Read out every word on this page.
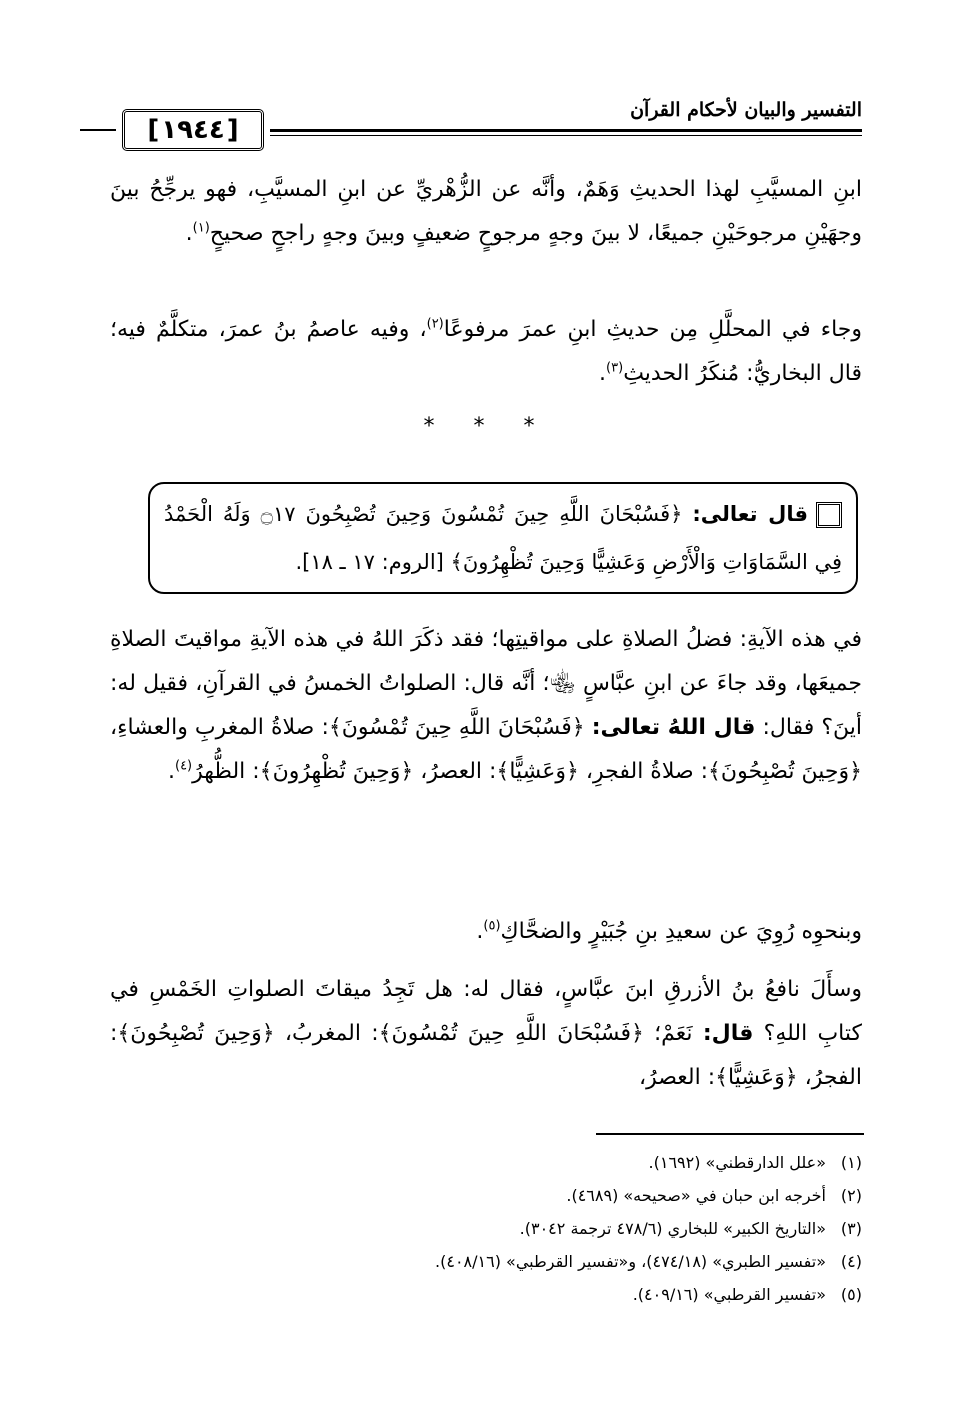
التفسير والبيان لأحكام القرآن
[ ١٩٤٤ ]
ابنِ المسيَّبِ لهذا الحديثِ وَهَمٌ، وأنَّه عن الزُّهْريِّ عن ابنِ المسيَّبِ، فهو يرجِّحُ بينَ وجهَيْنِ مرجوحَيْنِ جميعًا، لا بينَ وجهٍ مرجوحٍ ضعيفٍ وبينَ وجهٍ راجحٍ صحيحٍ$^{(١)}$.
وجاء في المحلَّلِ مِن حديثِ ابنِ عمرَ مرفوعًا$^{(٢)}$، وفيه عاصمُ بنُ عمرَ، متكلَّمٌ فيه؛ قال البخاريُّ: مُنكَرُ الحديثِ$^{(٣)}$.
* * *
قال تعالى: ﴿فَسُبْحَانَ اللَّهِ حِينَ تُمْسُونَ وَحِينَ تُصْبِحُونَ ۝١٧ وَلَهُ الْحَمْدُ فِي السَّمَاوَاتِ وَالْأَرْضِ وَعَشِيًّا وَحِينَ تُظْهِرُونَ﴾ [الروم: ١٧ ـ ١٨].
في هذه الآيةِ: فضلُ الصلاةِ على مواقيتِها؛ فقد ذكَرَ اللهُ في هذه الآيةِ مواقيتَ الصلاةِ جميعَها، وقد جاءَ عن ابنِ عبَّاسٍ ﵄؛ أنَّه قال: الصلواتُ الخمسُ في القرآنِ، فقيل له: أينَ؟ فقال: قال اللهُ تعالى: ﴿فَسُبْحَانَ اللَّهِ حِينَ تُمْسُونَ﴾: صلاةُ المغربِ والعشاءِ، ﴿وَحِينَ تُصْبِحُونَ﴾: صلاةُ الفجرِ، ﴿وَعَشِيًّا﴾: العصرُ، ﴿وَحِينَ تُظْهِرُونَ﴾: الظُّهرُ$^{(٤)}$.
وبنحوِه رُوِيَ عن سعيدِ بنِ جُبَيْرٍ والضحَّاكِ$^{(٥)}$.
وسأَلَ نافعُ بنُ الأزرقِ ابنَ عبَّاسٍ، فقال له: هل تَجِدُ ميقاتَ الصلواتِ الخَمْسِ في كتابِ اللهِ؟ قال: نَعَمْ؛ ﴿فَسُبْحَانَ اللَّهِ حِينَ تُمْسُونَ﴾: المغربُ، ﴿وَحِينَ تُصْبِحُونَ﴾: الفجرُ، ﴿وَعَشِيًّا﴾: العصرُ،
(١)«علل الدارقطني» (١٦٩٢).
(٢)أخرجه ابن حبان في «صحيحه» (٤٦٨٩).
(٣)«التاريخ الكبير» للبخاري (٤٧٨/٦ ترجمة ٣٠٤٢).
(٤)«تفسير الطبري» (٤٧٤/١٨)، و«تفسير القرطبي» (٤٠٨/١٦).
(٥)«تفسير القرطبي» (٤٠٩/١٦).
